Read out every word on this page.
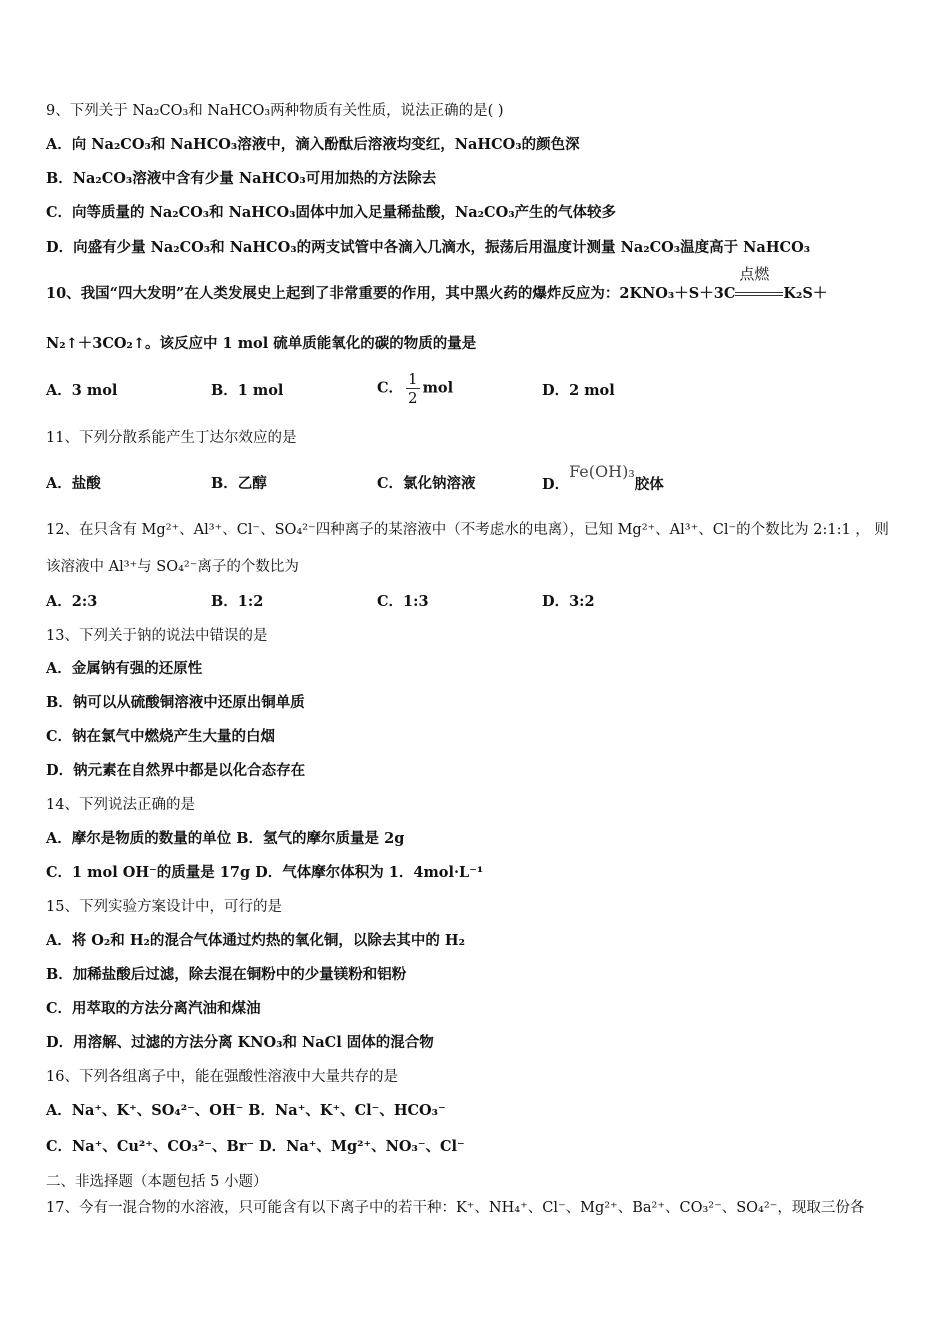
9、下列关于 Na₂CO₃和 NaHCO₃两种物质有关性质，说法正确的是( )
A．向 Na₂CO₃和 NaHCO₃溶液中，滴入酚酞后溶液均变红，NaHCO₃的颜色深
B．Na₂CO₃溶液中含有少量 NaHCO₃可用加热的方法除去
C．向等质量的 Na₂CO₃和 NaHCO₃固体中加入足量稀盐酸，Na₂CO₃产生的气体较多
D．向盛有少量 Na₂CO₃和 NaHCO₃的两支试管中各滴入几滴水，振荡后用温度计测量 Na₂CO₃温度高于 NaHCO₃
10、我国“四大发明”在人类发展史上起到了非常重要的作用，其中黑火药的爆炸反应为：2KNO₃＋S＋3C
点燃
K₂S＋
N₂↑＋3CO₂↑。该反应中 1 mol 硫单质能氧化的碳的物质的量是
A．3 mol	B．1 mol	C． $\frac{1}{2}$ mol	D．2 mol
11、下列分散系能产生丁达尔效应的是
A．盐酸	B．乙醇	C．氯化钠溶液	D．Fe(OH)₃胶体
12、在只含有 Mg²⁺、Al³⁺、Cl⁻、SO₄²⁻四种离子的某溶液中（不考虑水的电离），已知 Mg²⁺、Al³⁺、Cl⁻的个数比为 2:1:1 ， 则
该溶液中 Al³⁺与 SO₄²⁻离子的个数比为
A．2:3	B．1:2	C．1:3	D．3:2
13、下列关于钠的说法中错误的是
A．金属钠有强的还原性
B．钠可以从硫酸铜溶液中还原出铜单质
C．钠在氯气中燃烧产生大量的白烟
D．钠元素在自然界中都是以化合态存在
14、下列说法正确的是
A．摩尔是物质的数量的单位 B．氢气的摩尔质量是 2g
C．1 mol OH⁻的质量是 17g D．气体摩尔体积为 1．4mol·L⁻¹
15、下列实验方案设计中，可行的是
A．将 O₂和 H₂的混合气体通过灼热的氧化铜，以除去其中的 H₂
B．加稀盐酸后过滤，除去混在铜粉中的少量镁粉和铝粉
C．用萃取的方法分离汽油和煤油
D．用溶解、过滤的方法分离 KNO₃和 NaCl 固体的混合物
16、下列各组离子中，能在强酸性溶液中大量共存的是
A．Na⁺、K⁺、SO₄²⁻、OH⁻ B．Na⁺、K⁺、Cl⁻、HCO₃⁻
C．Na⁺、Cu²⁺、CO₃²⁻、Br⁻ D．Na⁺、Mg²⁺、NO₃⁻、Cl⁻
二、非选择题（本题包括 5 小题）
17、今有一混合物的水溶液，只可能含有以下离子中的若干种：K⁺、NH₄⁺、Cl⁻、Mg²⁺、Ba²⁺、CO₃²⁻、SO₄²⁻，现取三份各
